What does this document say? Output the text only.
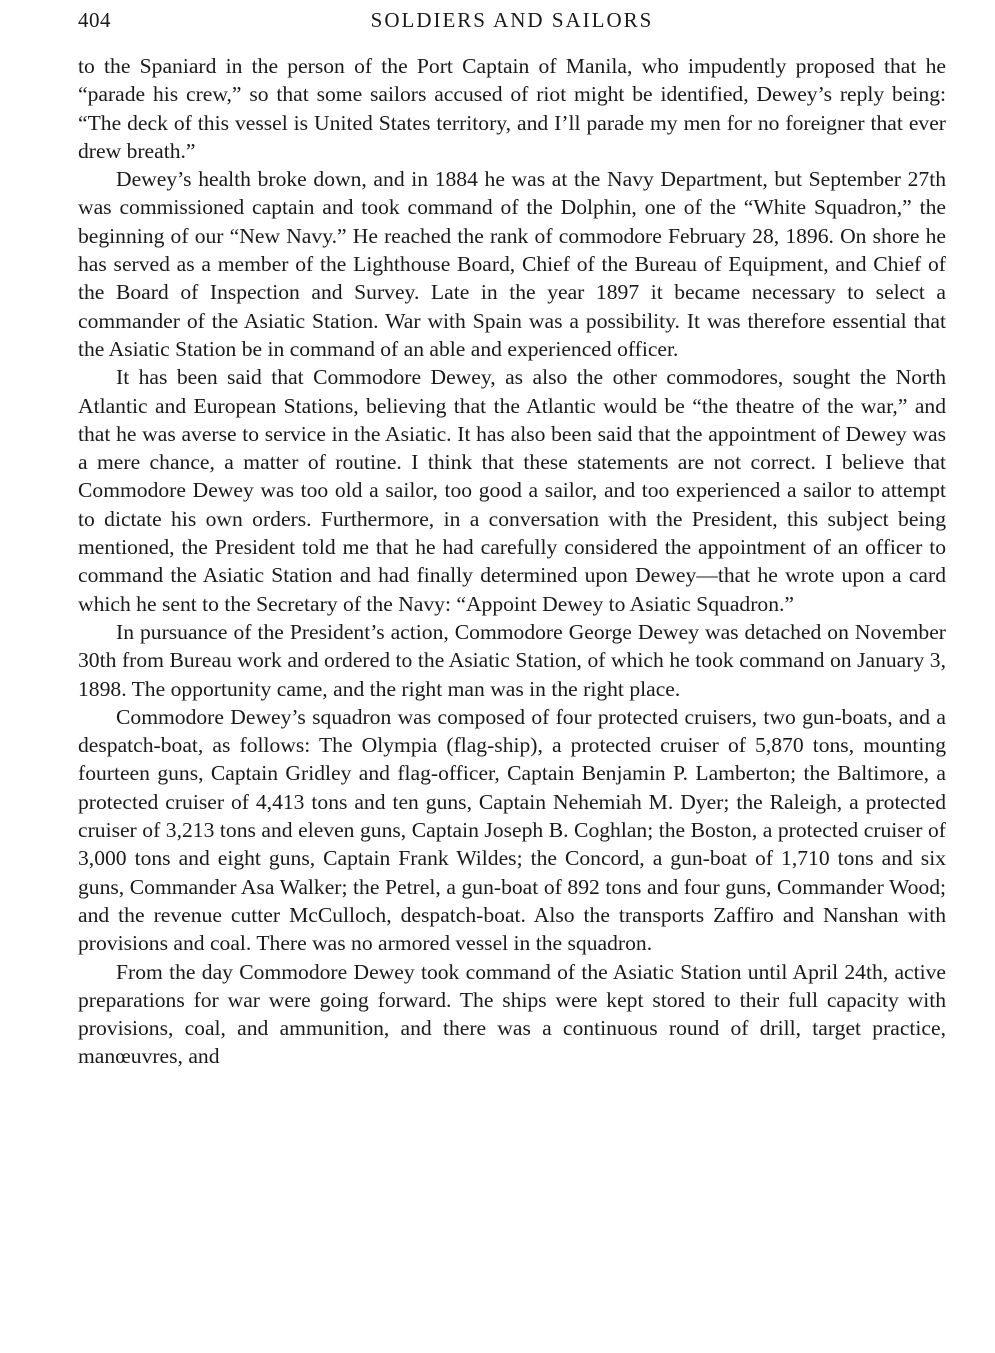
404	SOLDIERS AND SAILORS

to the Spaniard in the person of the Port Captain of Manila, who impudently proposed that he “parade his crew,” so that some sailors accused of riot might be identified, Dewey’s reply being: “The deck of this vessel is United States territory, and I’ll parade my men for no foreigner that ever drew breath.”

Dewey’s health broke down, and in 1884 he was at the Navy Department, but September 27th was commissioned captain and took command of the Dolphin, one of the “White Squadron,” the beginning of our “New Navy.” He reached the rank of commodore February 28, 1896. On shore he has served as a member of the Lighthouse Board, Chief of the Bureau of Equipment, and Chief of the Board of Inspection and Survey. Late in the year 1897 it became necessary to select a commander of the Asiatic Station. War with Spain was a possibility. It was therefore essential that the Asiatic Station be in command of an able and experienced officer.

It has been said that Commodore Dewey, as also the other commodores, sought the North Atlantic and European Stations, believing that the Atlantic would be “the theatre of the war,” and that he was averse to service in the Asiatic. It has also been said that the appointment of Dewey was a mere chance, a matter of routine. I think that these statements are not correct. I believe that Commodore Dewey was too old a sailor, too good a sailor, and too experienced a sailor to attempt to dictate his own orders. Furthermore, in a conversation with the President, this subject being mentioned, the President told me that he had carefully considered the appointment of an officer to command the Asiatic Station and had finally determined upon Dewey—that he wrote upon a card which he sent to the Secretary of the Navy: “Appoint Dewey to Asiatic Squadron.”

In pursuance of the President’s action, Commodore George Dewey was detached on November 30th from Bureau work and ordered to the Asiatic Station, of which he took command on January 3, 1898. The opportunity came, and the right man was in the right place.

Commodore Dewey’s squadron was composed of four protected cruisers, two gun-boats, and a despatch-boat, as follows: The Olympia (flag-ship), a protected cruiser of 5,870 tons, mounting fourteen guns, Captain Gridley and flag-officer, Captain Benjamin P. Lamberton; the Baltimore, a protected cruiser of 4,413 tons and ten guns, Captain Nehemiah M. Dyer; the Raleigh, a protected cruiser of 3,213 tons and eleven guns, Captain Joseph B. Coghlan; the Boston, a protected cruiser of 3,000 tons and eight guns, Captain Frank Wildes; the Concord, a gun-boat of 1,710 tons and six guns, Commander Asa Walker; the Petrel, a gun-boat of 892 tons and four guns, Commander Wood; and the revenue cutter McCulloch, despatch-boat. Also the transports Zaffiro and Nanshan with provisions and coal. There was no armored vessel in the squadron.

From the day Commodore Dewey took command of the Asiatic Station until April 24th, active preparations for war were going forward. The ships were kept stored to their full capacity with provisions, coal, and ammunition, and there was a continuous round of drill, target practice, manœuvres, and
